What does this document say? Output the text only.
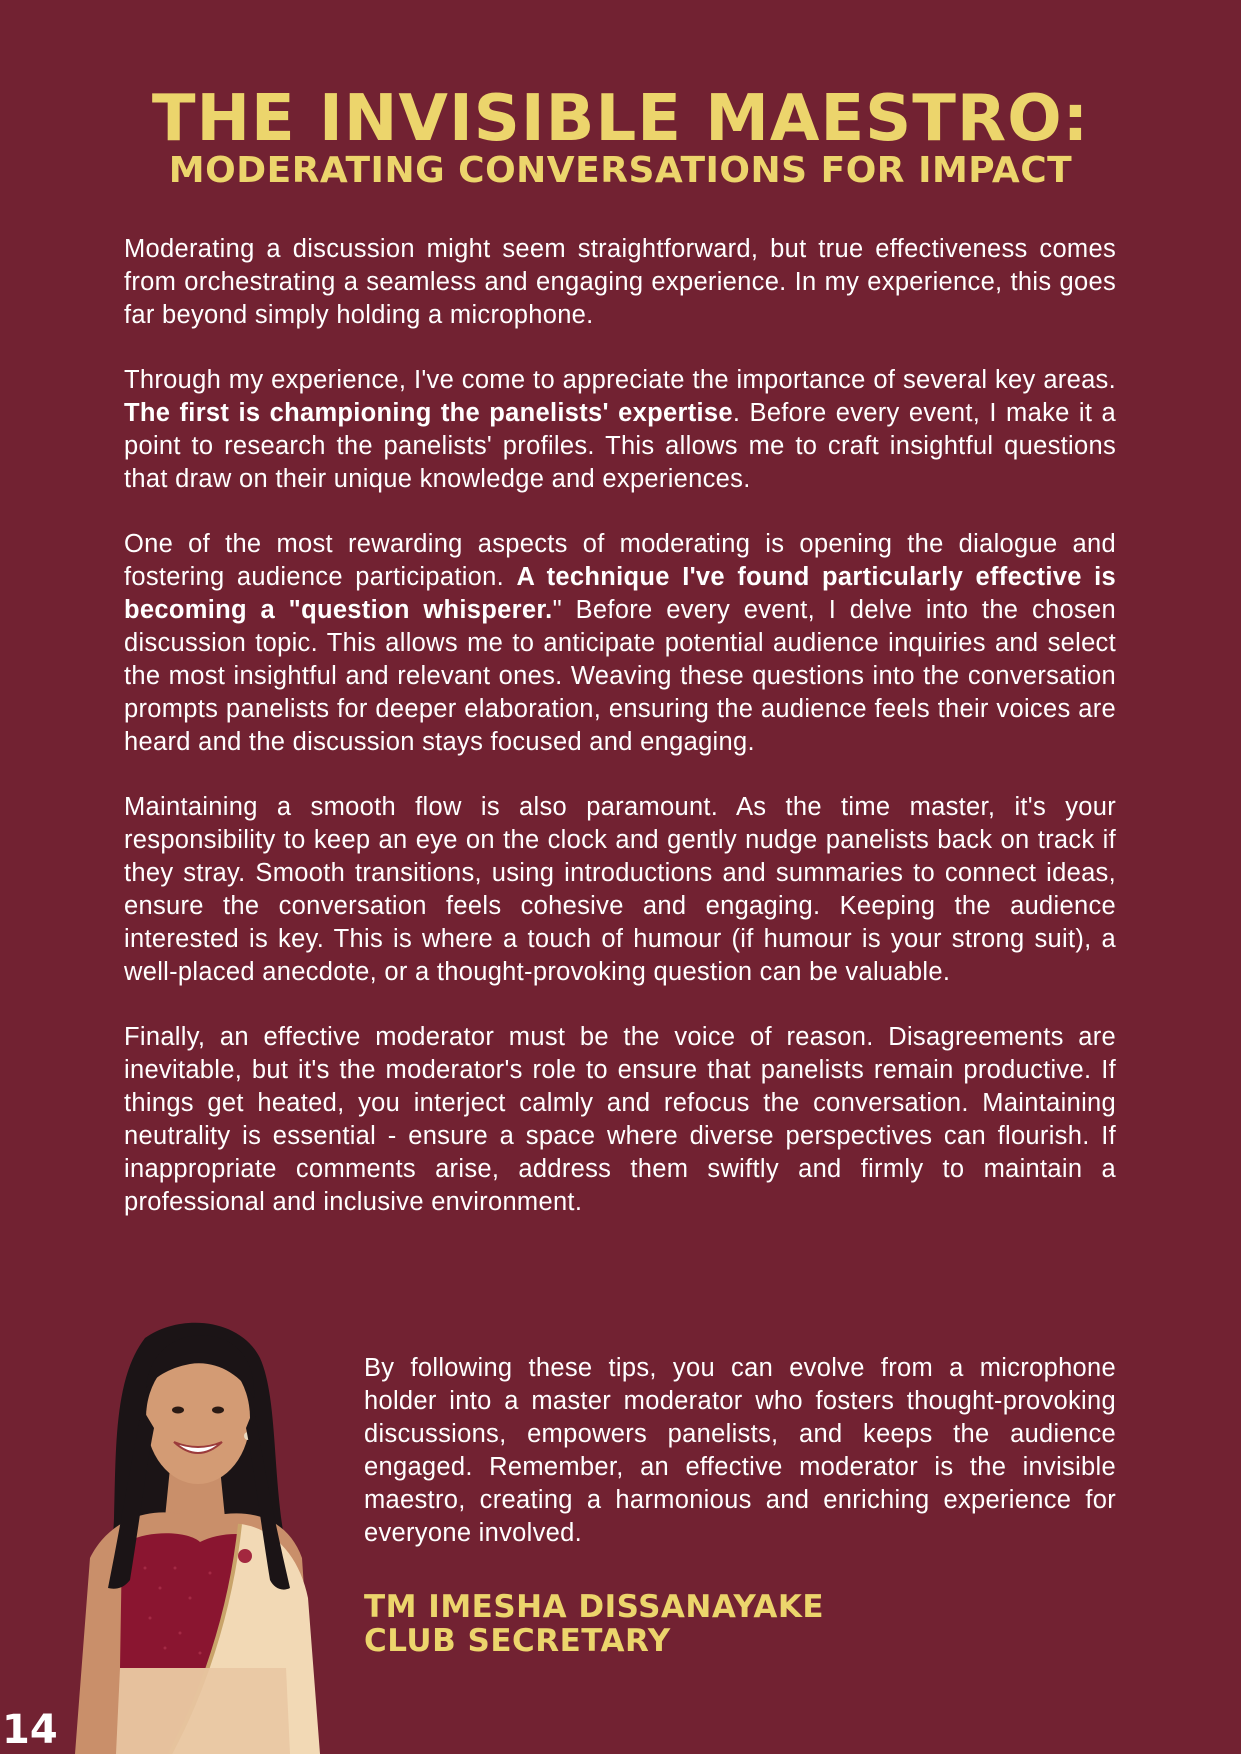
THE INVISIBLE MAESTRO:
MODERATING CONVERSATIONS FOR IMPACT

Moderating a discussion might seem straightforward, but true effectiveness comes from orchestrating a seamless and engaging experience. In my experience, this goes far beyond simply holding a microphone.

Through my experience, I've come to appreciate the importance of several key areas. The first is championing the panelists' expertise. Before every event, I make it a point to research the panelists' profiles. This allows me to craft insightful questions that draw on their unique knowledge and experiences.

One of the most rewarding aspects of moderating is opening the dialogue and fostering audience participation. A technique I've found particularly effective is becoming a "question whisperer." Before every event, I delve into the chosen discussion topic. This allows me to anticipate potential audience inquiries and select the most insightful and relevant ones. Weaving these questions into the conversation prompts panelists for deeper elaboration, ensuring the audience feels their voices are heard and the discussion stays focused and engaging.

Maintaining a smooth flow is also paramount. As the time master, it's your responsibility to keep an eye on the clock and gently nudge panelists back on track if they stray. Smooth transitions, using introductions and summaries to connect ideas, ensure the conversation feels cohesive and engaging. Keeping the audience interested is key. This is where a touch of humour (if humour is your strong suit), a well-placed anecdote, or a thought-provoking question can be valuable.

Finally, an effective moderator must be the voice of reason. Disagreements are inevitable, but it's the moderator's role to ensure that panelists remain productive. If things get heated, you interject calmly and refocus the conversation. Maintaining neutrality is essential - ensure a space where diverse perspectives can flourish. If inappropriate comments arise, address them swiftly and firmly to maintain a professional and inclusive environment.

By following these tips, you can evolve from a microphone holder into a master moderator who fosters thought-provoking discussions, empowers panelists, and keeps the audience engaged. Remember, an effective moderator is the invisible maestro, creating a harmonious and enriching experience for everyone involved.

TM IMESHA DISSANAYAKE
CLUB SECRETARY
14
